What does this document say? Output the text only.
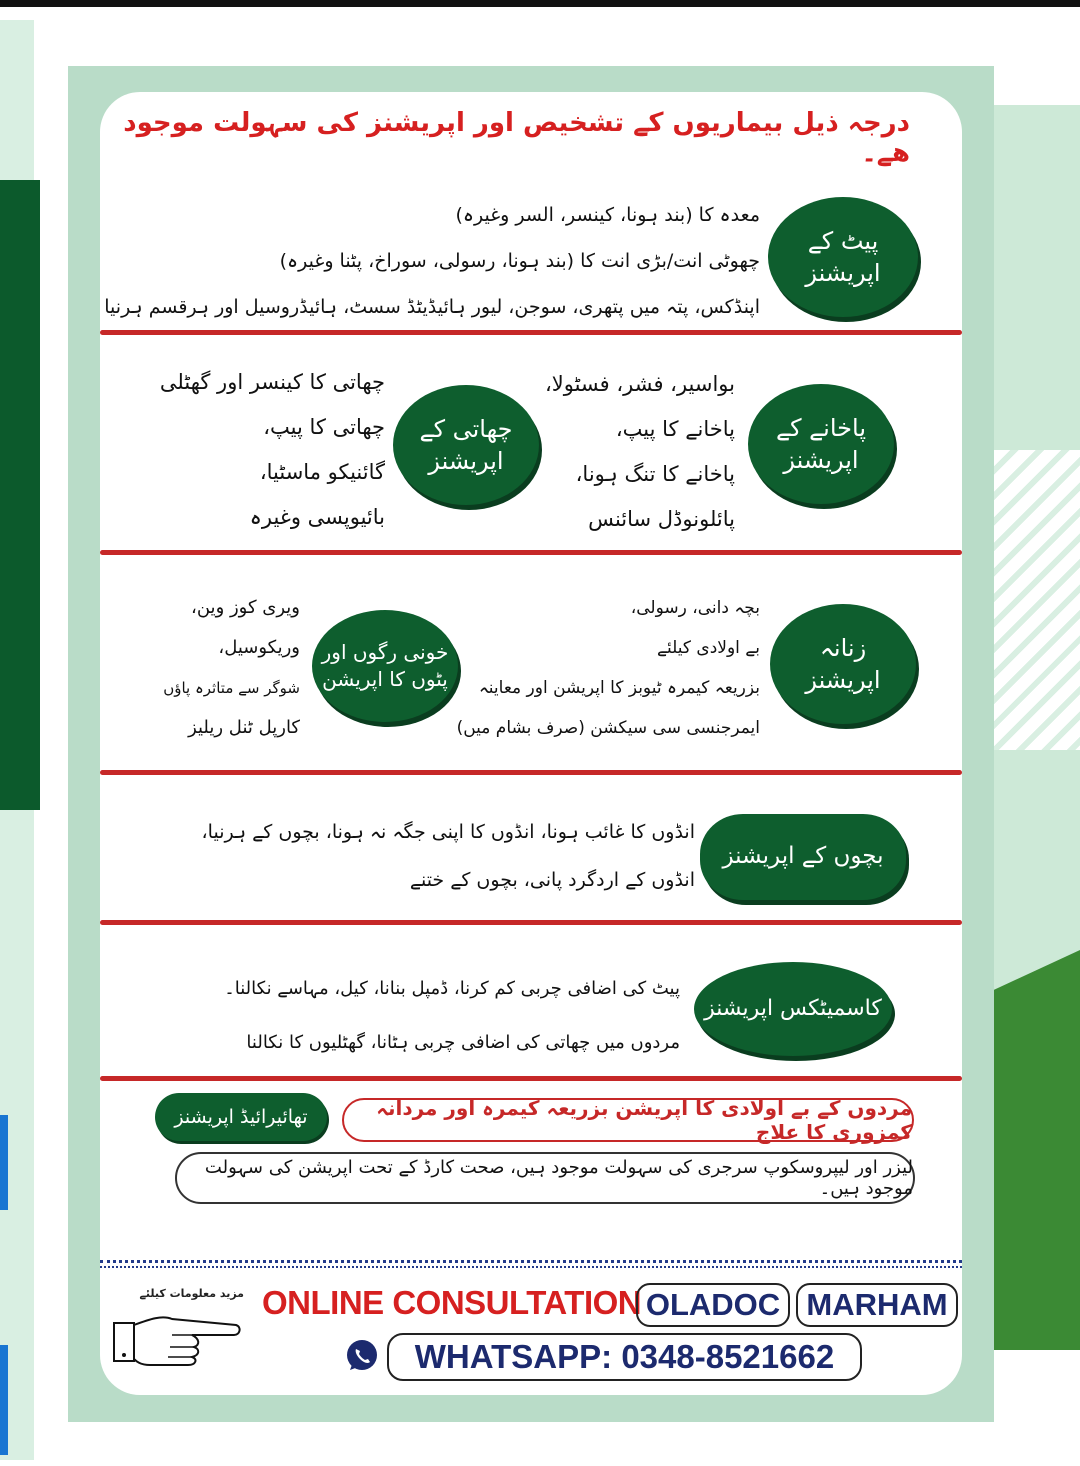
درجہ ذیل بیماریوں کے تشخیص اور اپریشنز کی سہولت موجود ھے۔
پیٹ کے
اپریشنز
معدہ کا (بند ہونا، کینسر، السر وغیرہ)
چھوٹی انت/بڑی انت کا (بند ہونا، رسولی، سوراخ، پٹنا وغیرہ)
اپنڈکس، پتہ میں پتھری، سوجن، لیور ہائیڈیٹڈ سسٹ، ہائیڈروسیل اور ہرقسم ہرنیا
پاخانے کے
اپریشنز
بواسیر، فشر، فسٹولا،
پاخانے کا پیپ،
پاخانے کا تنگ ہونا،
پائلونوڈل سائنس
چھاتی کے
اپریشنز
چھاتی کا کینسر اور گھٹلی
چھاتی کا پیپ،
گائنیکو ماسٹیا،
بائیوپسی وغیرہ
زنانہ
اپریشنز
بچہ دانی، رسولی،
بے اولادی کیلئے
بزریعہ کیمرہ ٹیوبز کا اپریشن اور معاینہ
ایمرجنسی سی سیکشن (صرف بشام میں)
خونی رگوں اور
پٹوں کا اپریشن
ویری کوز وین،
وریکوسیل،
شوگر سے متاثرہ پاؤں
کارپل ٹنل ریلیز
بچوں کے اپریشنز
انڈوں کا غائب ہونا، انڈوں کا اپنی جگہ نہ ہونا، بچوں کے ہرنیا،
انڈوں کے اردگرد پانی، بچوں کے ختنے
کاسمیٹکس اپریشنز
پیٹ کی اضافی چربی کم کرنا، ڈمپل بنانا، کیل، مہاسے نکالنا۔
مردوں میں چھاتی کی اضافی چربی ہٹانا، گھٹلیوں کا نکالنا
تھائیرائیڈ اپریشنز	مردوں کے بے اولادی کا اپریشن بزریعہ کیمرہ اور مردانہ کمزوری کا علاج
لیزر اور لیپروسکوپ سرجری کی سہولت موجود ہیں، صحت کارڈ کے تحت اپریشن کی سہولت موجود ہیں۔
مزید معلومات کیلئے ONLINE CONSULTATION OLADOC MARHAM
WHATSAPP: 0348-8521662
